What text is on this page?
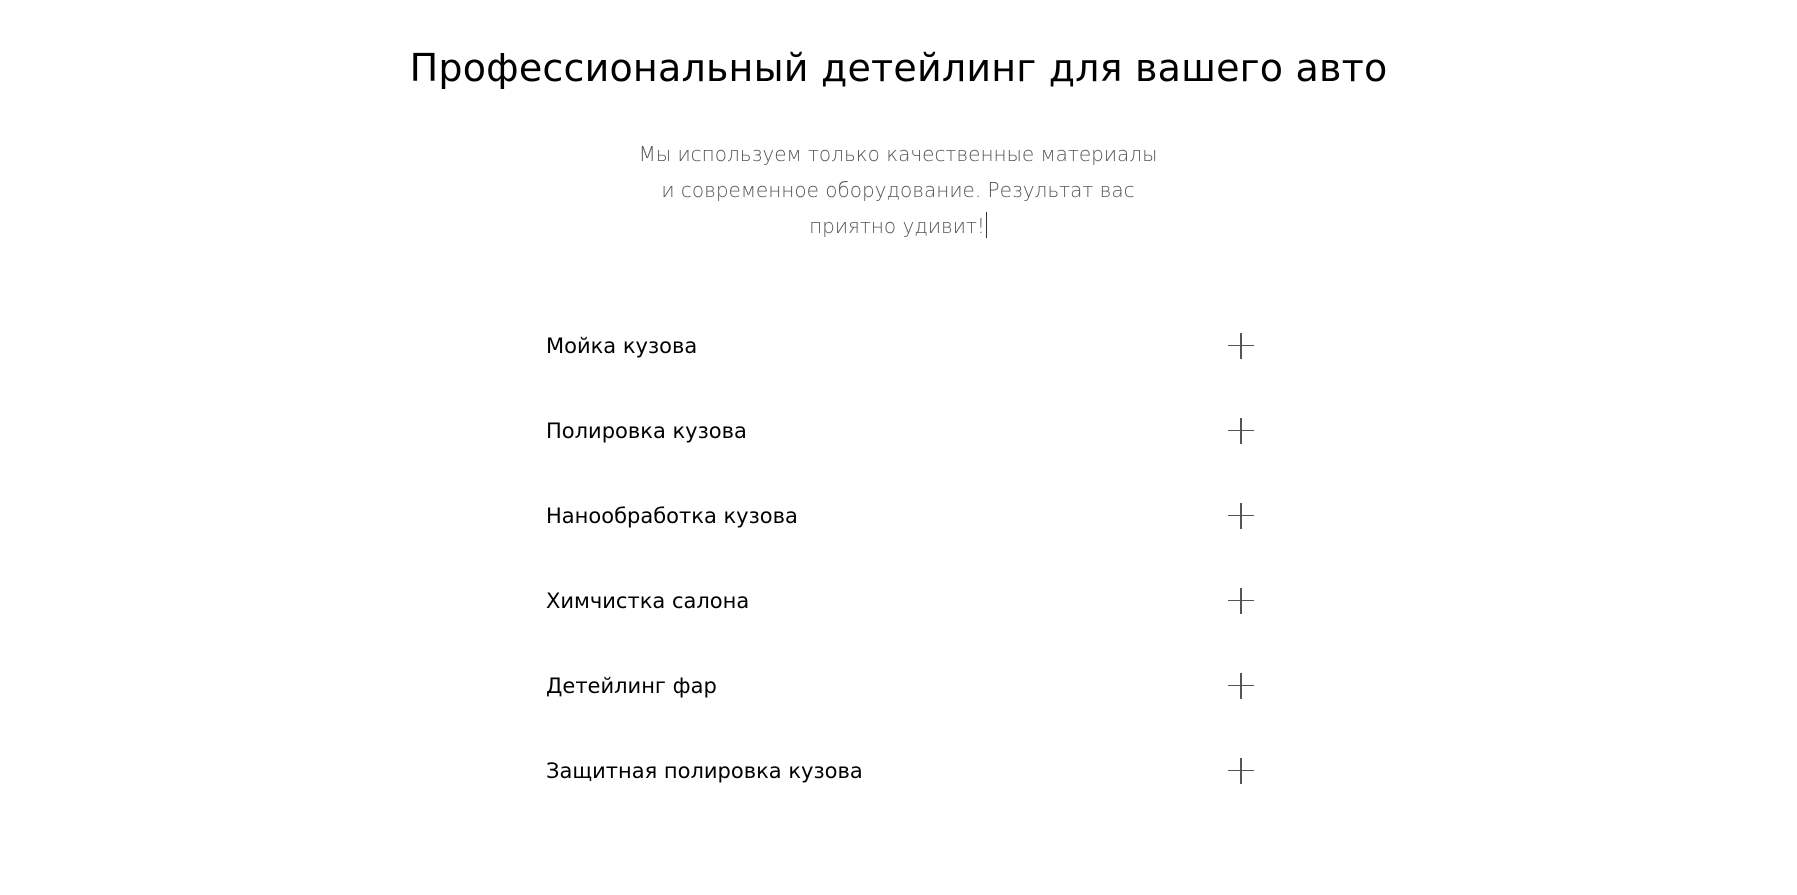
Профессиональный детейлинг для вашего авто

Мы используем только качественные материалы и современное оборудование. Результат вас приятно удивит!

Мойка кузова
Полировка кузова
Нанообработка кузова
Химчистка салона
Детейлинг фар
Защитная полировка кузова
